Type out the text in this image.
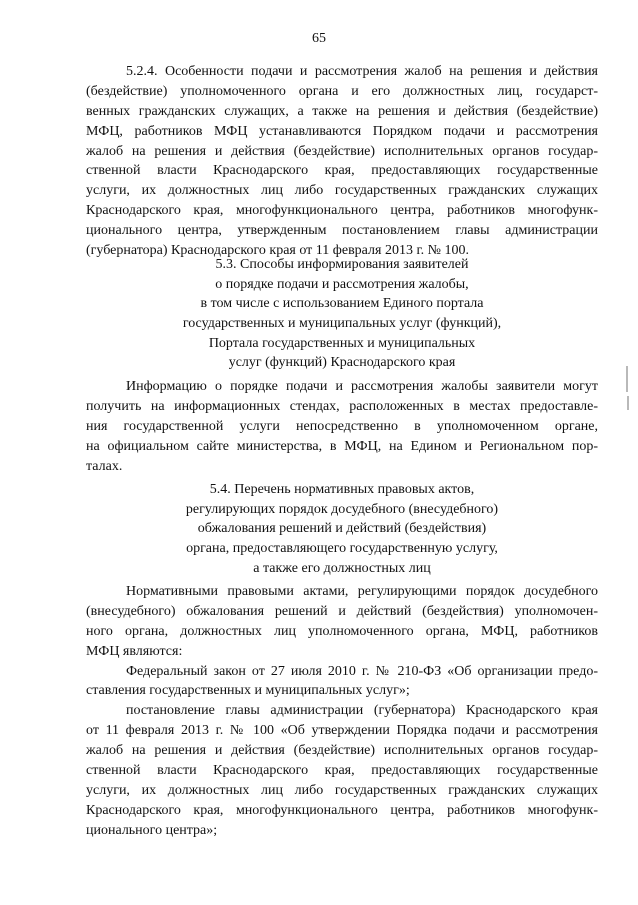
65
5.2.4. Особенности подачи и рассмотрения жалоб на решения и действия
(бездействие) уполномоченного органа и его должностных лиц, государст-
венных гражданских служащих, а также на решения и действия (бездействие)
МФЦ, работников МФЦ устанавливаются Порядком подачи и рассмотрения
жалоб на решения и действия (бездействие) исполнительных органов государ-
ственной власти Краснодарского края, предоставляющих государственные
услуги, их должностных лиц либо государственных гражданских служащих
Краснодарского края, многофункционального центра, работников многофунк-
ционального центра, утвержденным постановлением главы администрации
(губернатора) Краснодарского края от 11 февраля 2013 г. № 100.
5.3. Способы информирования заявителей
о порядке подачи и рассмотрения жалобы,
в том числе с использованием Единого портала
государственных и муниципальных услуг (функций),
Портала государственных и муниципальных
услуг (функций) Краснодарского края
Информацию о порядке подачи и рассмотрения жалобы заявители могут
получить на информационных стендах, расположенных в местах предоставле-
ния государственной услуги непосредственно в уполномоченном органе,
на официальном сайте министерства, в МФЦ, на Едином и Региональном пор-
талах.
5.4. Перечень нормативных правовых актов,
регулирующих порядок досудебного (внесудебного)
обжалования решений и действий (бездействия)
органа, предоставляющего государственную услугу,
а также его должностных лиц
Нормативными правовыми актами, регулирующими порядок досудебного
(внесудебного) обжалования решений и действий (бездействия) уполномочен-
ного органа, должностных лиц уполномоченного органа, МФЦ, работников
МФЦ являются:
Федеральный закон от 27 июля 2010 г. № 210-ФЗ «Об организации предо-
ставления государственных и муниципальных услуг»;
постановление главы администрации (губернатора) Краснодарского края
от 11 февраля 2013 г. № 100 «Об утверждении Порядка подачи и рассмотрения
жалоб на решения и действия (бездействие) исполнительных органов государ-
ственной власти Краснодарского края, предоставляющих государственные
услуги, их должностных лиц либо государственных гражданских служащих
Краснодарского края, многофункционального центра, работников многофунк-
ционального центра»;
